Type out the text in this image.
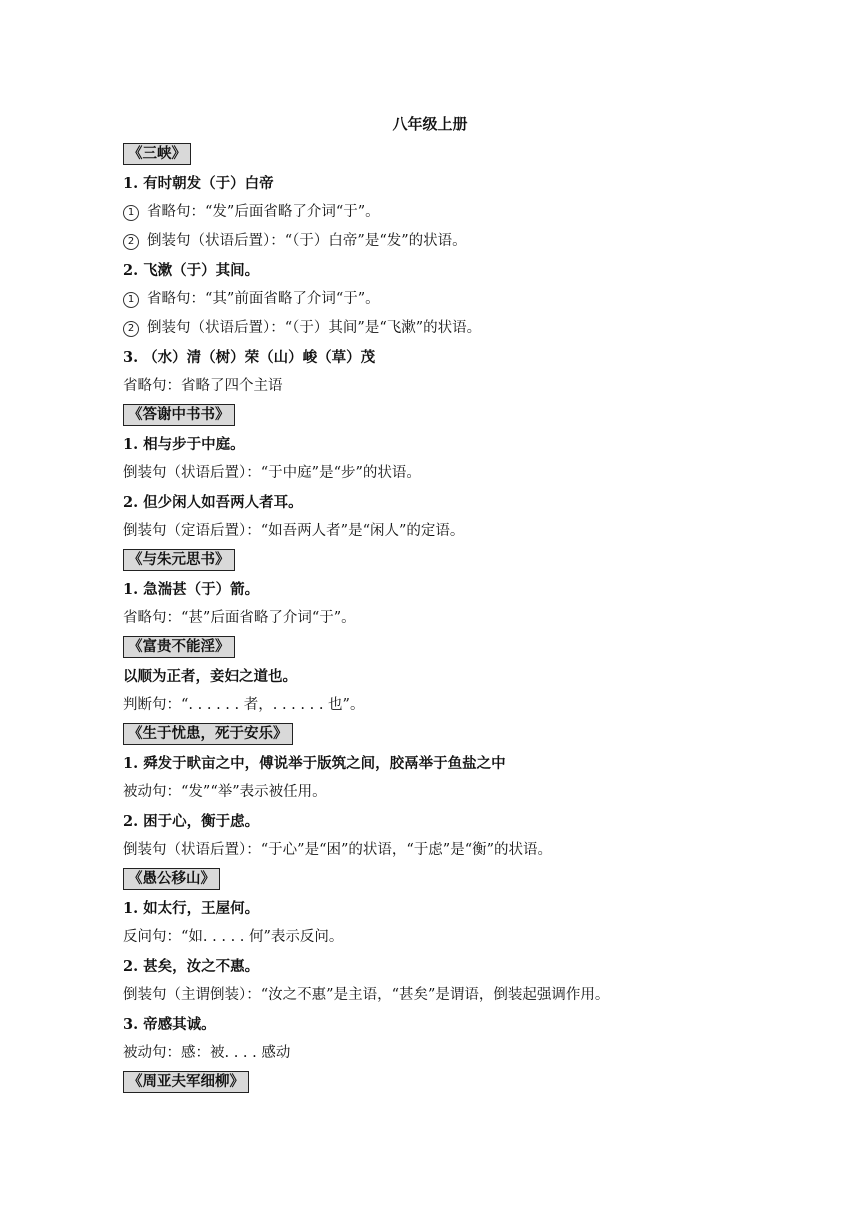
八年级上册
《三峡》
1. 有时朝发（于）白帝
1 省略句：“发”后面省略了介词“于”。
2 倒装句（状语后置）：“（于）白帝”是“发”的状语。
2. 飞漱（于）其间。
1 省略句：“其”前面省略了介词“于”。
2 倒装句（状语后置）：“（于）其间”是“飞漱”的状语。
3. （水）清（树）荣（山）峻（草）茂
省略句：省略了四个主语
《答谢中书书》
1. 相与步于中庭。
倒装句（状语后置）：“于中庭”是“步”的状语。
2. 但少闲人如吾两人者耳。
倒装句（定语后置）：“如吾两人者”是“闲人”的定语。
《与朱元思书》
1. 急湍甚（于）箭。
省略句：“甚”后面省略了介词“于”。
《富贵不能淫》
以顺为正者，妾妇之道也。
判断句：“. . . . . . 者，. . . . . . 也”。
《生于忧患，死于安乐》
1. 舜发于畎亩之中，傅说举于版筑之间，胶鬲举于鱼盐之中
被动句：“发”“举”表示被任用。
2. 困于心，衡于虑。
倒装句（状语后置）：“于心”是“困”的状语，“于虑”是“衡”的状语。
《愚公移山》
1. 如太行，王屋何。
反问句：“如. . . . . 何”表示反问。
2. 甚矣，汝之不惠。
倒装句（主谓倒装）：“汝之不惠”是主语，“甚矣”是谓语，倒装起强调作用。
3. 帝感其诚。
被动句：感：被. . . . 感动
《周亚夫军细柳》
